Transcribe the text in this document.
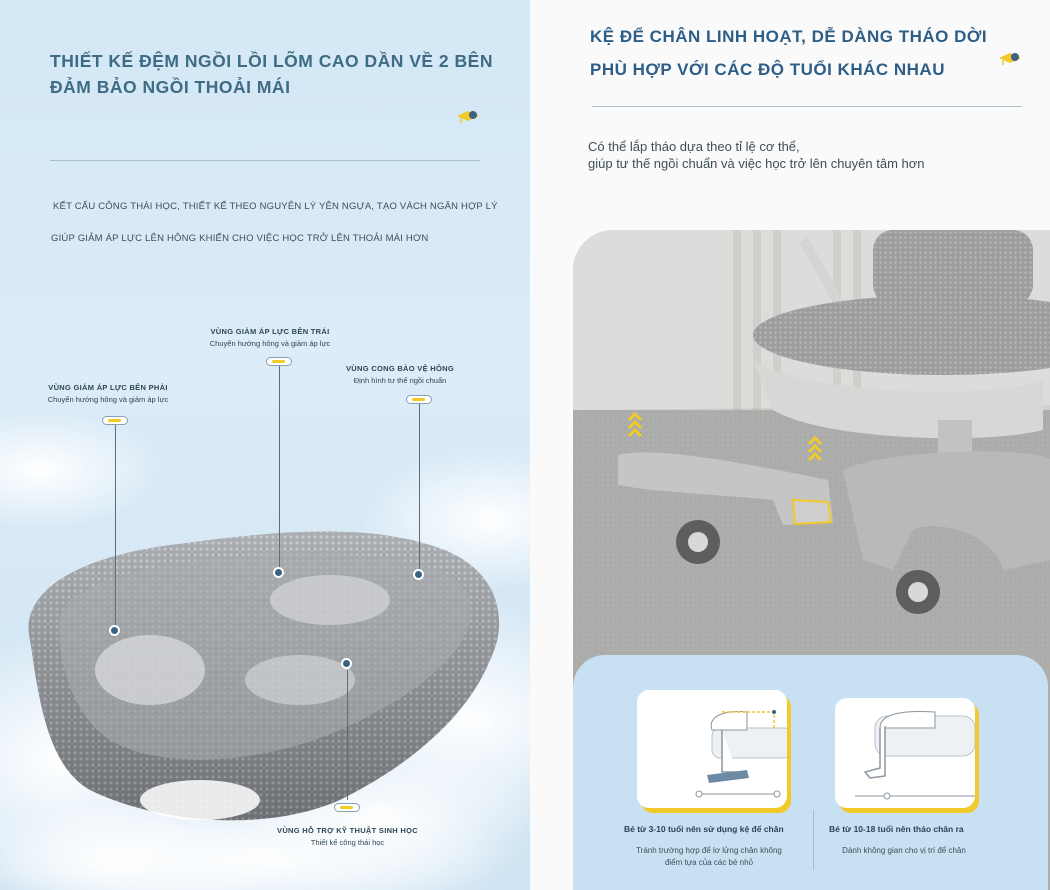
THIẾT KẾ ĐỆM NGỒI LỒI LÕM CAO DẦN VỀ 2 BÊN
ĐẢM BẢO NGỒI THOẢI MÁI
KẾT CẤU CÔNG THÁI HỌC, THIẾT KẾ THEO NGUYÊN LÝ YÊN NGỰA, TẠO VÁCH NGĂN HỢP LÝ
GIÚP GIẢM ÁP LỰC LÊN HÔNG KHIẾN CHO VIỆC HỌC TRỞ LÊN THOẢI MÁI HƠN
VÙNG GIẢM ÁP LỰC BÊN TRÁI
Chuyển hướng hông và giảm áp lực
VÙNG CONG BẢO VỆ HÔNG
Định hình tư thế ngồi chuẩn
VÙNG GIẢM ÁP LỰC BÊN PHẢI
Chuyển hướng hông và giảm áp lực
VÙNG HỖ TRỢ KỸ THUẬT SINH HỌC
Thiết kế công thái học
KỆ ĐỂ CHÂN LINH HOẠT, DỄ DÀNG THÁO DỜI
PHÙ HỢP VỚI CÁC ĐỘ TUỔI KHÁC NHAU
Có thể lắp tháo dựa theo tỉ lệ cơ thể,
giúp tư thế ngồi chuẩn và việc học trở lên chuyên tâm hơn
Bé từ 3-10 tuổi nên sử dụng kệ để chân
Tránh trường hợp để lơ lửng chân không
điểm tựa của các bé nhỏ
Bé từ 10-18 tuổi nên tháo chân ra
Dành không gian cho vị trí để chân
